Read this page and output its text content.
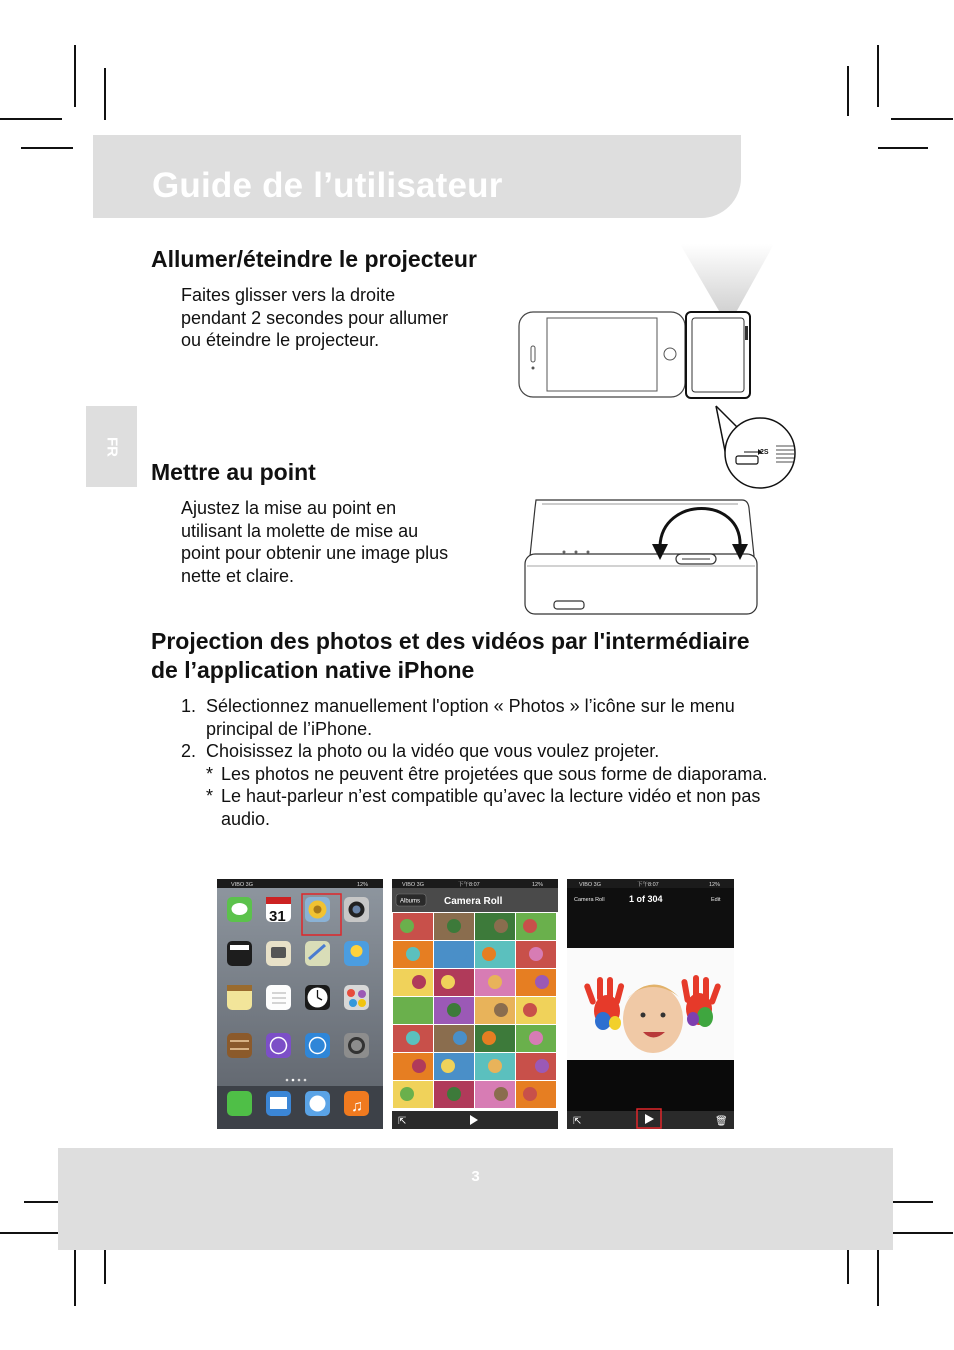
Guide de l’utilisateur
FR
Allumer/éteindre le projecteur
Faites glisser vers la droite
pendant 2 secondes pour allumer
ou éteindre le projecteur.
2S
Mettre au point
Ajustez la mise au point en
utilisant la molette de mise au
point pour obtenir une image plus
nette et claire.
Projection des photos et des vidéos par l'intermédiaire
de l’application native iPhone
1. Sélectionnez manuellement l'option « Photos » l’icône sur le menu principal de l’iPhone.
2. Choisissez la photo ou la vidéo que vous voulez projeter.
* Les photos ne peuvent être projetées que sous forme de diaporama.
* Le haut-parleur n’est compatible qu’avec la lecture vidéo et non pas audio.
VIBO 3G	12%
31
♫
VIBO 3G	下午8:07	12%
Albums Camera Roll
⇱
VIBO 3G	下午8:07	12%
Camera Roll	1 of 304	Edit
⇱	🗑
3
